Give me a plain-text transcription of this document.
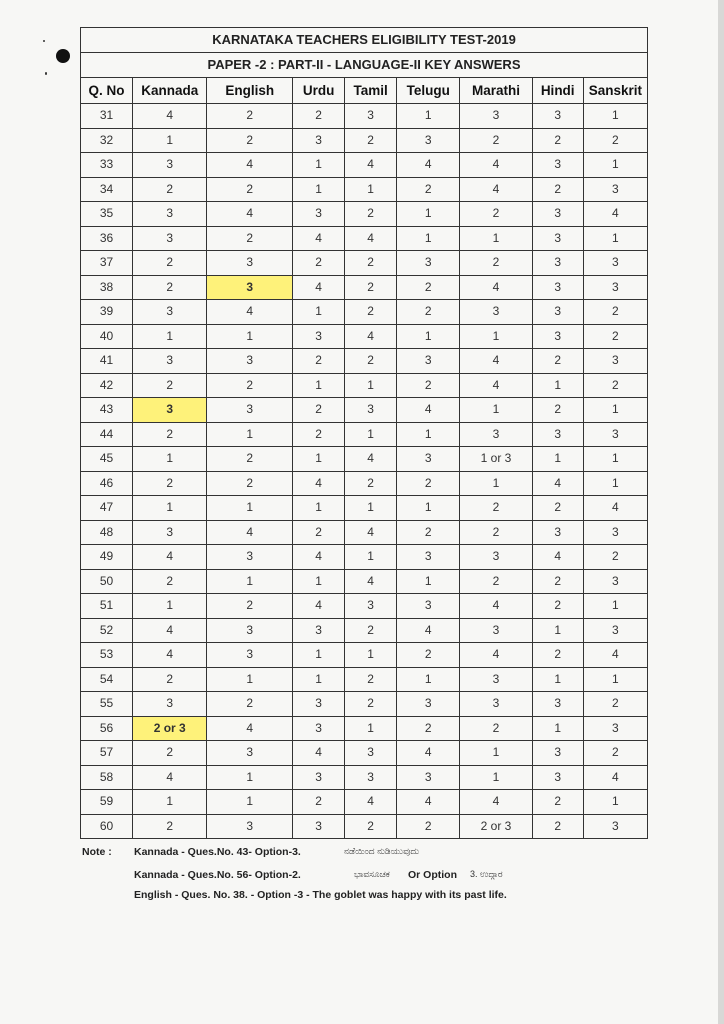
KARNATAKA TEACHERS ELIGIBILITY TEST-2019								
PAPER -2 : PART-II - LANGUAGE-II KEY ANSWERS								
Q. No	Kannada	English	Urdu	Tamil	Telugu	Marathi	Hindi	Sanskrit
31	4	2	2	3	1	3	3	1
32	1	2	3	2	3	2	2	2
33	3	4	1	4	4	4	3	1
34	2	2	1	1	2	4	2	3
35	3	4	3	2	1	2	3	4
36	3	2	4	4	1	1	3	1
37	2	3	2	2	3	2	3	3
38	2	3	4	2	2	4	3	3
39	3	4	1	2	2	3	3	2
40	1	1	3	4	1	1	3	2
41	3	3	2	2	3	4	2	3
42	2	2	1	1	2	4	1	2
43	3	3	2	3	4	1	2	1
44	2	1	2	1	1	3	3	3
45	1	2	1	4	3	1 or 3	1	1
46	2	2	4	2	2	1	4	1
47	1	1	1	1	1	2	2	4
48	3	4	2	4	2	2	3	3
49	4	3	4	1	3	3	4	2
50	2	1	1	4	1	2	2	3
51	1	2	4	3	3	4	2	1
52	4	3	3	2	4	3	1	3
53	4	3	1	1	2	4	2	4
54	2	1	1	2	1	3	1	1
55	3	2	3	2	3	3	3	2
56	2 or 3	4	3	1	2	2	1	3
57	2	3	4	3	4	1	3	2
58	4	1	3	3	3	1	3	4
59	1	1	2	4	4	4	2	1
60	2	3	3	2	2	2 or 3	2	3
Note : Kannada - Ques.No. 43- Option-3.	ನಡೆಯಿಂದ ನುಡಿಯುವುದು
Kannada - Ques.No. 56- Option-2.	ಭಾವಸೂಚಕ Or Option 3. ಉದ್ಗಾರ
English - Ques. No. 38. - Option -3 - The goblet was happy with its past life.
